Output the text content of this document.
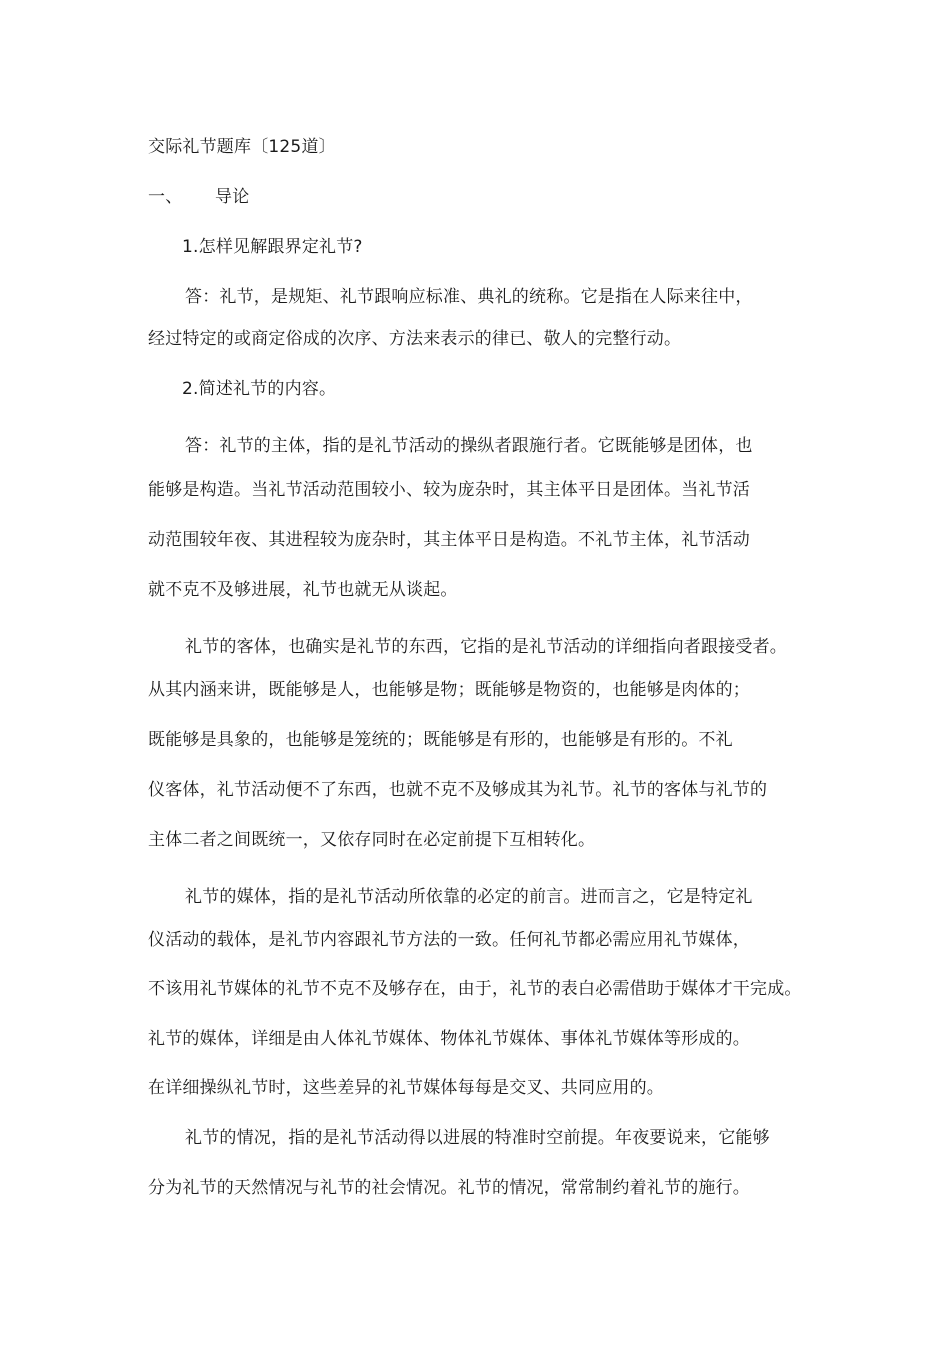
交际礼节题库〔125道〕
一、 导论
1.怎样见解跟界定礼节?
答：礼节，是规矩、礼节跟响应标准、典礼的统称。它是指在人际来往中，
经过特定的或商定俗成的次序、方法来表示的律已、敬人的完整行动。
2.简述礼节的内容。
答：礼节的主体，指的是礼节活动的操纵者跟施行者。它既能够是团体，也
能够是构造。当礼节活动范围较小、较为庞杂时，其主体平日是团体。当礼节活
动范围较年夜、其进程较为庞杂时，其主体平日是构造。不礼节主体，礼节活动
就不克不及够进展，礼节也就无从谈起。
礼节的客体，也确实是礼节的东西，它指的是礼节活动的详细指向者跟接受者。
从其内涵来讲，既能够是人，也能够是物；既能够是物资的，也能够是肉体的；
既能够是具象的，也能够是笼统的；既能够是有形的，也能够是有形的。不礼
仪客体，礼节活动便不了东西，也就不克不及够成其为礼节。礼节的客体与礼节的
主体二者之间既统一，又依存同时在必定前提下互相转化。
礼节的媒体，指的是礼节活动所依靠的必定的前言。进而言之，它是特定礼
仪活动的载体，是礼节内容跟礼节方法的一致。任何礼节都必需应用礼节媒体，
不该用礼节媒体的礼节不克不及够存在，由于，礼节的表白必需借助于媒体才干完成。
礼节的媒体，详细是由人体礼节媒体、物体礼节媒体、事体礼节媒体等形成的。
在详细操纵礼节时，这些差异的礼节媒体每每是交叉、共同应用的。
礼节的情况，指的是礼节活动得以进展的特准时空前提。年夜要说来，它能够
分为礼节的天然情况与礼节的社会情况。礼节的情况，常常制约着礼节的施行。
